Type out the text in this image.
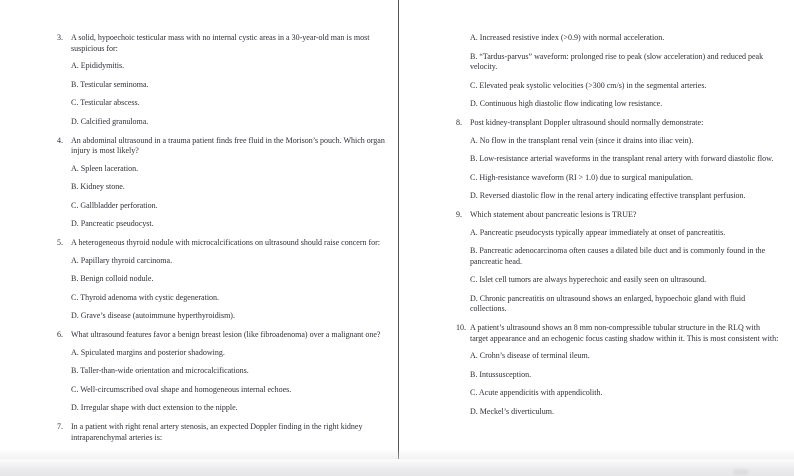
3.	A solid, hypoechoic testicular mass with no internal cystic areas in a 30-year-old man is most suspicious for:
A. Epididymitis.
B. Testicular seminoma.
C. Testicular abscess.
D. Calcified granuloma.
4.	An abdominal ultrasound in a trauma patient finds free fluid in the Morison’s pouch. Which organ injury is most likely?
A. Spleen laceration.
B. Kidney stone.
C. Gallbladder perforation.
D. Pancreatic pseudocyst.
5.	A heterogeneous thyroid nodule with microcalcifications on ultrasound should raise concern for:
A. Papillary thyroid carcinoma.
B. Benign colloid nodule.
C. Thyroid adenoma with cystic degeneration.
D. Grave’s disease (autoimmune hyperthyroidism).
6.	What ultrasound features favor a benign breast lesion (like fibroadenoma) over a malignant one?
A. Spiculated margins and posterior shadowing.
B. Taller-than-wide orientation and microcalcifications.
C. Well-circumscribed oval shape and homogeneous internal echoes.
D. Irregular shape with duct extension to the nipple.
7.	In a patient with right renal artery stenosis, an expected Doppler finding in the right kidney intraparenchymal arteries is:
A. Increased resistive index (>0.9) with normal acceleration.
B. “Tardus-parvus” waveform: prolonged rise to peak (slow acceleration) and reduced peak velocity.
C. Elevated peak systolic velocities (>300 cm/s) in the segmental arteries.
D. Continuous high diastolic flow indicating low resistance.
8.	Post kidney-transplant Doppler ultrasound should normally demonstrate:
A. No flow in the transplant renal vein (since it drains into iliac vein).
B. Low-resistance arterial waveforms in the transplant renal artery with forward diastolic flow.
C. High-resistance waveform (RI > 1.0) due to surgical manipulation.
D. Reversed diastolic flow in the renal artery indicating effective transplant perfusion.
9.	Which statement about pancreatic lesions is TRUE?
A. Pancreatic pseudocysts typically appear immediately at onset of pancreatitis.
B. Pancreatic adenocarcinoma often causes a dilated bile duct and is commonly found in the pancreatic head.
C. Islet cell tumors are always hyperechoic and easily seen on ultrasound.
D. Chronic pancreatitis on ultrasound shows an enlarged, hypoechoic gland with fluid collections.
10. A patient’s ultrasound shows an 8 mm non-compressible tubular structure in the RLQ with target appearance and an echogenic focus casting shadow within it. This is most consistent with:
A. Crohn’s disease of terminal ileum.
B. Intussusception.
C. Acute appendicitis with appendicolith.
D. Meckel’s diverticulum.
